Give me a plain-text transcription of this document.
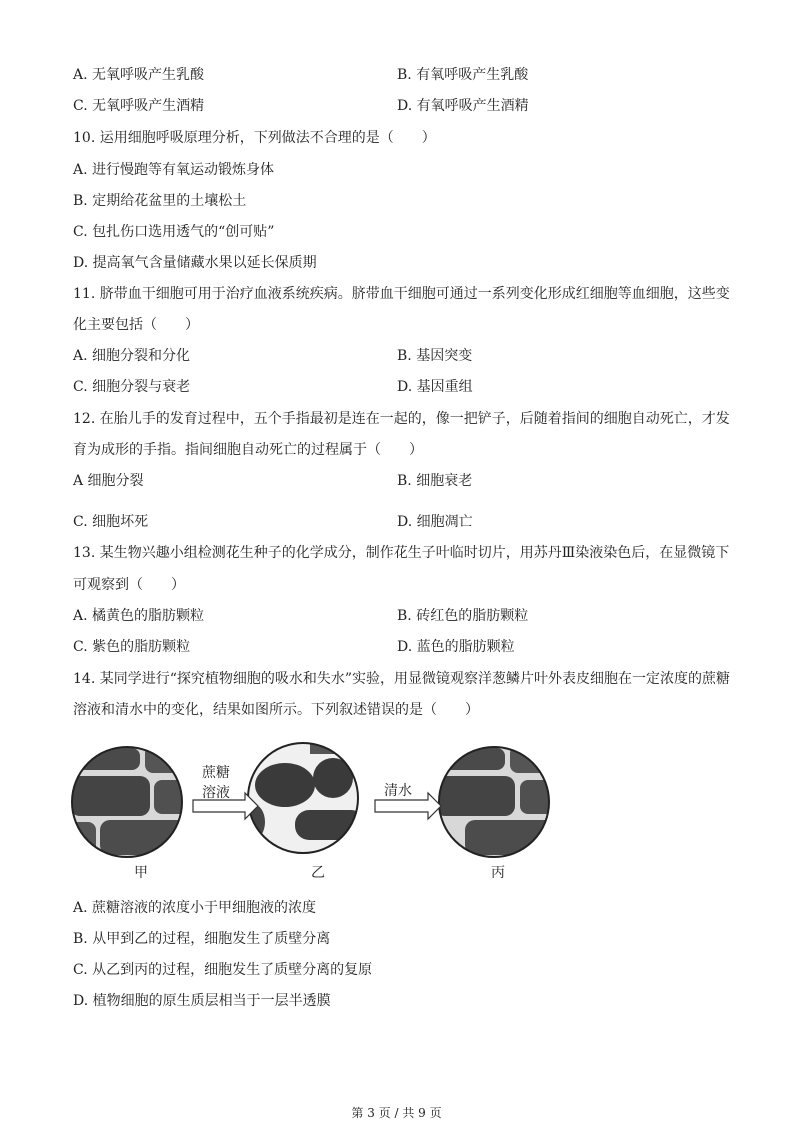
A. 无氧呼吸产生乳酸	B. 有氧呼吸产生乳酸
C. 无氧呼吸产生酒精	D. 有氧呼吸产生酒精
10. 运用细胞呼吸原理分析，下列做法不合理的是（　　）
A. 进行慢跑等有氧运动锻炼身体
B. 定期给花盆里的土壤松土
C. 包扎伤口选用透气的“创可贴”
D. 提高氧气含量储藏水果以延长保质期
11. 脐带血干细胞可用于治疗血液系统疾病。脐带血干细胞可通过一系列变化形成红细胞等血细胞，这些变
化主要包括（　　）
A. 细胞分裂和分化	B. 基因突变
C. 细胞分裂与衰老	D. 基因重组
12. 在胎儿手的发育过程中，五个手指最初是连在一起的，像一把铲子，后随着指间的细胞自动死亡，才发
育为成形的手指。指间细胞自动死亡的过程属于（　　）
A 细胞分裂	B. 细胞衰老
C. 细胞坏死	D. 细胞凋亡
13. 某生物兴趣小组检测花生种子的化学成分，制作花生子叶临时切片，用苏丹Ⅲ染液染色后，在显微镜下
可观察到（　　）
A. 橘黄色的脂肪颗粒	B. 砖红色的脂肪颗粒
C. 紫色的脂肪颗粒	D. 蓝色的脂肪颗粒
14. 某同学进行“探究植物细胞的吸水和失水”实验，用显微镜观察洋葱鳞片叶外表皮细胞在一定浓度的蔗糖
溶液和清水中的变化，结果如图所示。下列叙述错误的是（　　）
蔗糖
溶液	清水
甲	乙	丙
A. 蔗糖溶液的浓度小于甲细胞液的浓度
B. 从甲到乙的过程，细胞发生了质壁分离
C. 从乙到丙的过程，细胞发生了质壁分离的复原
D. 植物细胞的原生质层相当于一层半透膜
第 3 页 / 共 9 页
